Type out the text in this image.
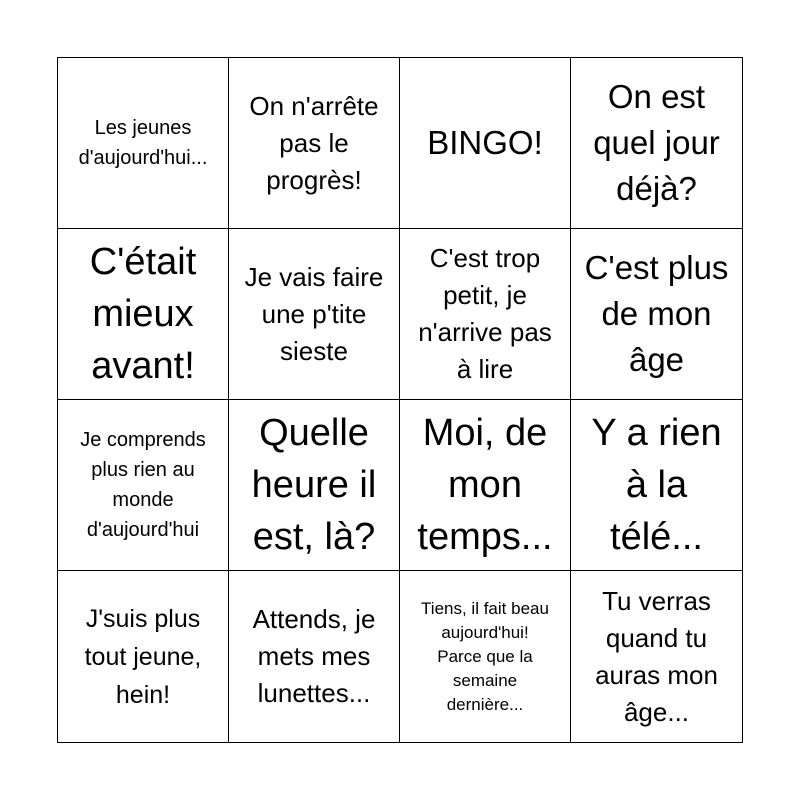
Les jeunes d'aujourd'hui...
On n'arrête pas le progrès!
BINGO!
On est quel jour déjà?
C'était mieux avant!
Je vais faire une p'tite sieste
C'est trop petit, je n'arrive pas à lire
C'est plus de mon âge
Je comprends plus rien au monde d'aujourd'hui
Quelle heure il est, là?
Moi, de mon temps...
Y a rien à la télé...
J'suis plus tout jeune, hein!
Attends, je mets mes lunettes...
Tiens, il fait beau aujourd'hui! Parce que la semaine dernière...
Tu verras quand tu auras mon âge...
